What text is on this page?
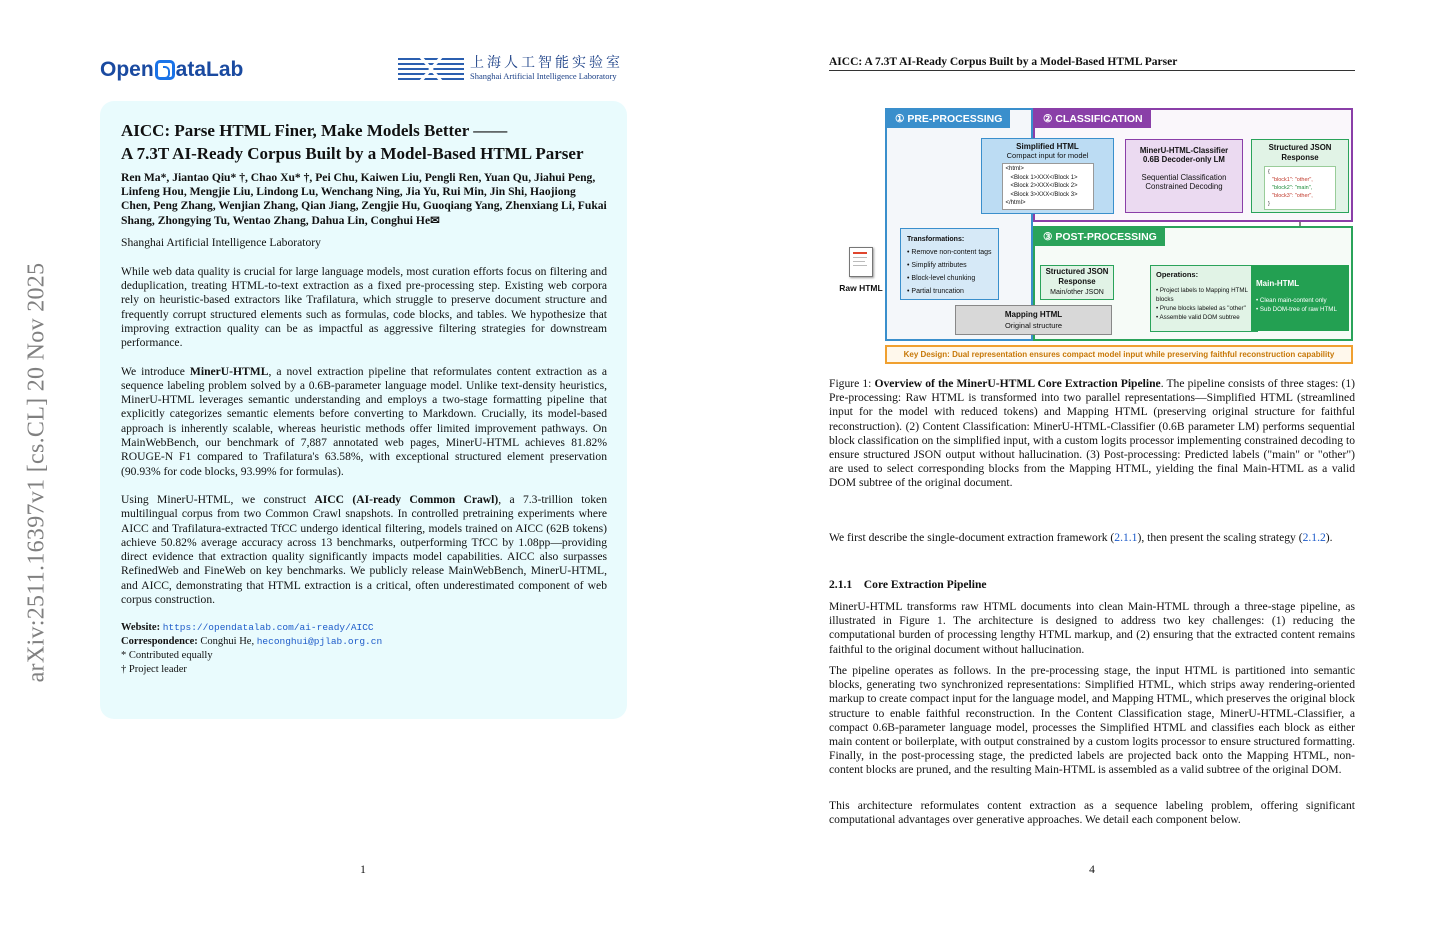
arXiv:2511.16397v1 [cs.CL] 20 Nov 2025
Open ataLab	上海人工智能实验室
Shanghai Artificial Intelligence Laboratory
AICC: Parse HTML Finer, Make Models Better ——
A 7.3T AI-Ready Corpus Built by a Model-Based HTML Parser
Ren Ma*, Jiantao Qiu* †, Chao Xu* †, Pei Chu, Kaiwen Liu, Pengli Ren, Yuan Qu, Jiahui Peng, Linfeng Hou, Mengjie Liu, Lindong Lu, Wenchang Ning, Jia Yu, Rui Min, Jin Shi, Haojiong Chen, Peng Zhang, Wenjian Zhang, Qian Jiang, Zengjie Hu, Guoqiang Yang, Zhenxiang Li, Fukai Shang, Zhongying Tu, Wentao Zhang, Dahua Lin, Conghui He✉
Shanghai Artificial Intelligence Laboratory

While web data quality is crucial for large language models, most curation efforts focus on filtering and deduplication, treating HTML-to-text extraction as a fixed pre-processing step. Existing web corpora rely on heuristic-based extractors like Trafilatura, which struggle to preserve document structure and frequently corrupt structured elements such as formulas, code blocks, and tables. We hypothesize that improving extraction quality can be as impactful as aggressive filtering strategies for downstream performance.

We introduce MinerU-HTML, a novel extraction pipeline that reformulates content extraction as a sequence labeling problem solved by a 0.6B-parameter language model. Unlike text-density heuristics, MinerU-HTML leverages semantic understanding and employs a two-stage formatting pipeline that explicitly categorizes semantic elements before converting to Markdown. Crucially, its model-based approach is inherently scalable, whereas heuristic methods offer limited improvement pathways. On MainWebBench, our benchmark of 7,887 annotated web pages, MinerU-HTML achieves 81.82% ROUGE-N F1 compared to Trafilatura's 63.58%, with exceptional structured element preservation (90.93% for code blocks, 93.99% for formulas).

Using MinerU-HTML, we construct AICC (AI-ready Common Crawl), a 7.3-trillion token multilingual corpus from two Common Crawl snapshots. In controlled pretraining experiments where AICC and Trafilatura-extracted TfCC undergo identical filtering, models trained on AICC (62B tokens) achieve 50.82% average accuracy across 13 benchmarks, outperforming TfCC by 1.08pp—providing direct evidence that extraction quality significantly impacts model capabilities. AICC also surpasses RefinedWeb and FineWeb on key benchmarks. We publicly release MainWebBench, MinerU-HTML, and AICC, demonstrating that HTML extraction is a critical, often underestimated component of web corpus construction.

Website: https://opendatalab.com/ai-ready/AICC
Correspondence: Conghui He, heconghui@pjlab.org.cn
* Contributed equally
† Project leader
1
AICC: A 7.3T AI-Ready Corpus Built by a Model-Based HTML Parser
Raw HTML
① PRE-PROCESSING	② CLASSIFICATION
③ POST-PROCESSING
Simplified HTML
Compact input for model
<html>
<Block 1>XXX</Block 1>
<Block 2>XXX</Block 2>
<Block 3>XXX</Block 3>
</html>
Transformations:
• Remove non-content tags
• Simplify attributes
• Block-level chunking
• Partial truncation
Mapping HTML
Original structure
MinerU-HTML-Classifier
0.6B Decoder-only LM
Sequential Classification
Constrained Decoding
Structured JSON Response
{
"block1": "other",
"block2": "main",
"block3": "other",
}
Structured JSON Response
Main/other JSON
Operations:
• Project labels to Mapping HTML blocks
• Prune blocks labeled as "other"
• Assemble valid DOM subtree
Main-HTML
• Clean main-content only
• Sub DOM-tree of raw HTML
Key Design: Dual representation ensures compact model input while preserving faithful reconstruction capability

Figure 1: Overview of the MinerU-HTML Core Extraction Pipeline. The pipeline consists of three stages: (1) Pre-processing: Raw HTML is transformed into two parallel representations—Simplified HTML (streamlined input for the model with reduced tokens) and Mapping HTML (preserving original structure for faithful reconstruction). (2) Content Classification: MinerU-HTML-Classifier (0.6B parameter LM) performs sequential block classification on the simplified input, with a custom logits processor implementing constrained decoding to ensure structured JSON output without hallucination. (3) Post-processing: Predicted labels ("main" or "other") are used to select corresponding blocks from the Mapping HTML, yielding the final Main-HTML as a valid DOM subtree of the original document.

We first describe the single-document extraction framework (2.1.1), then present the scaling strategy (2.1.2).

2.1.1    Core Extraction Pipeline
MinerU-HTML transforms raw HTML documents into clean Main-HTML through a three-stage pipeline, as illustrated in Figure 1. The architecture is designed to address two key challenges: (1) reducing the computational burden of processing lengthy HTML markup, and (2) ensuring that the extracted content remains faithful to the original document without hallucination.
The pipeline operates as follows. In the pre-processing stage, the input HTML is partitioned into semantic blocks, generating two synchronized representations: Simplified HTML, which strips away rendering-oriented markup to create compact input for the language model, and Mapping HTML, which preserves the original block structure to enable faithful reconstruction. In the Content Classification stage, MinerU-HTML-Classifier, a compact 0.6B-parameter language model, processes the Simplified HTML and classifies each block as either main content or boilerplate, with output constrained by a custom logits processor to ensure structured formatting. Finally, in the post-processing stage, the predicted labels are projected back onto the Mapping HTML, non-content blocks are pruned, and the resulting Main-HTML is assembled as a valid subtree of the original DOM.
This architecture reformulates content extraction as a sequence labeling problem, offering significant computational advantages over generative approaches. We detail each component below.
4
